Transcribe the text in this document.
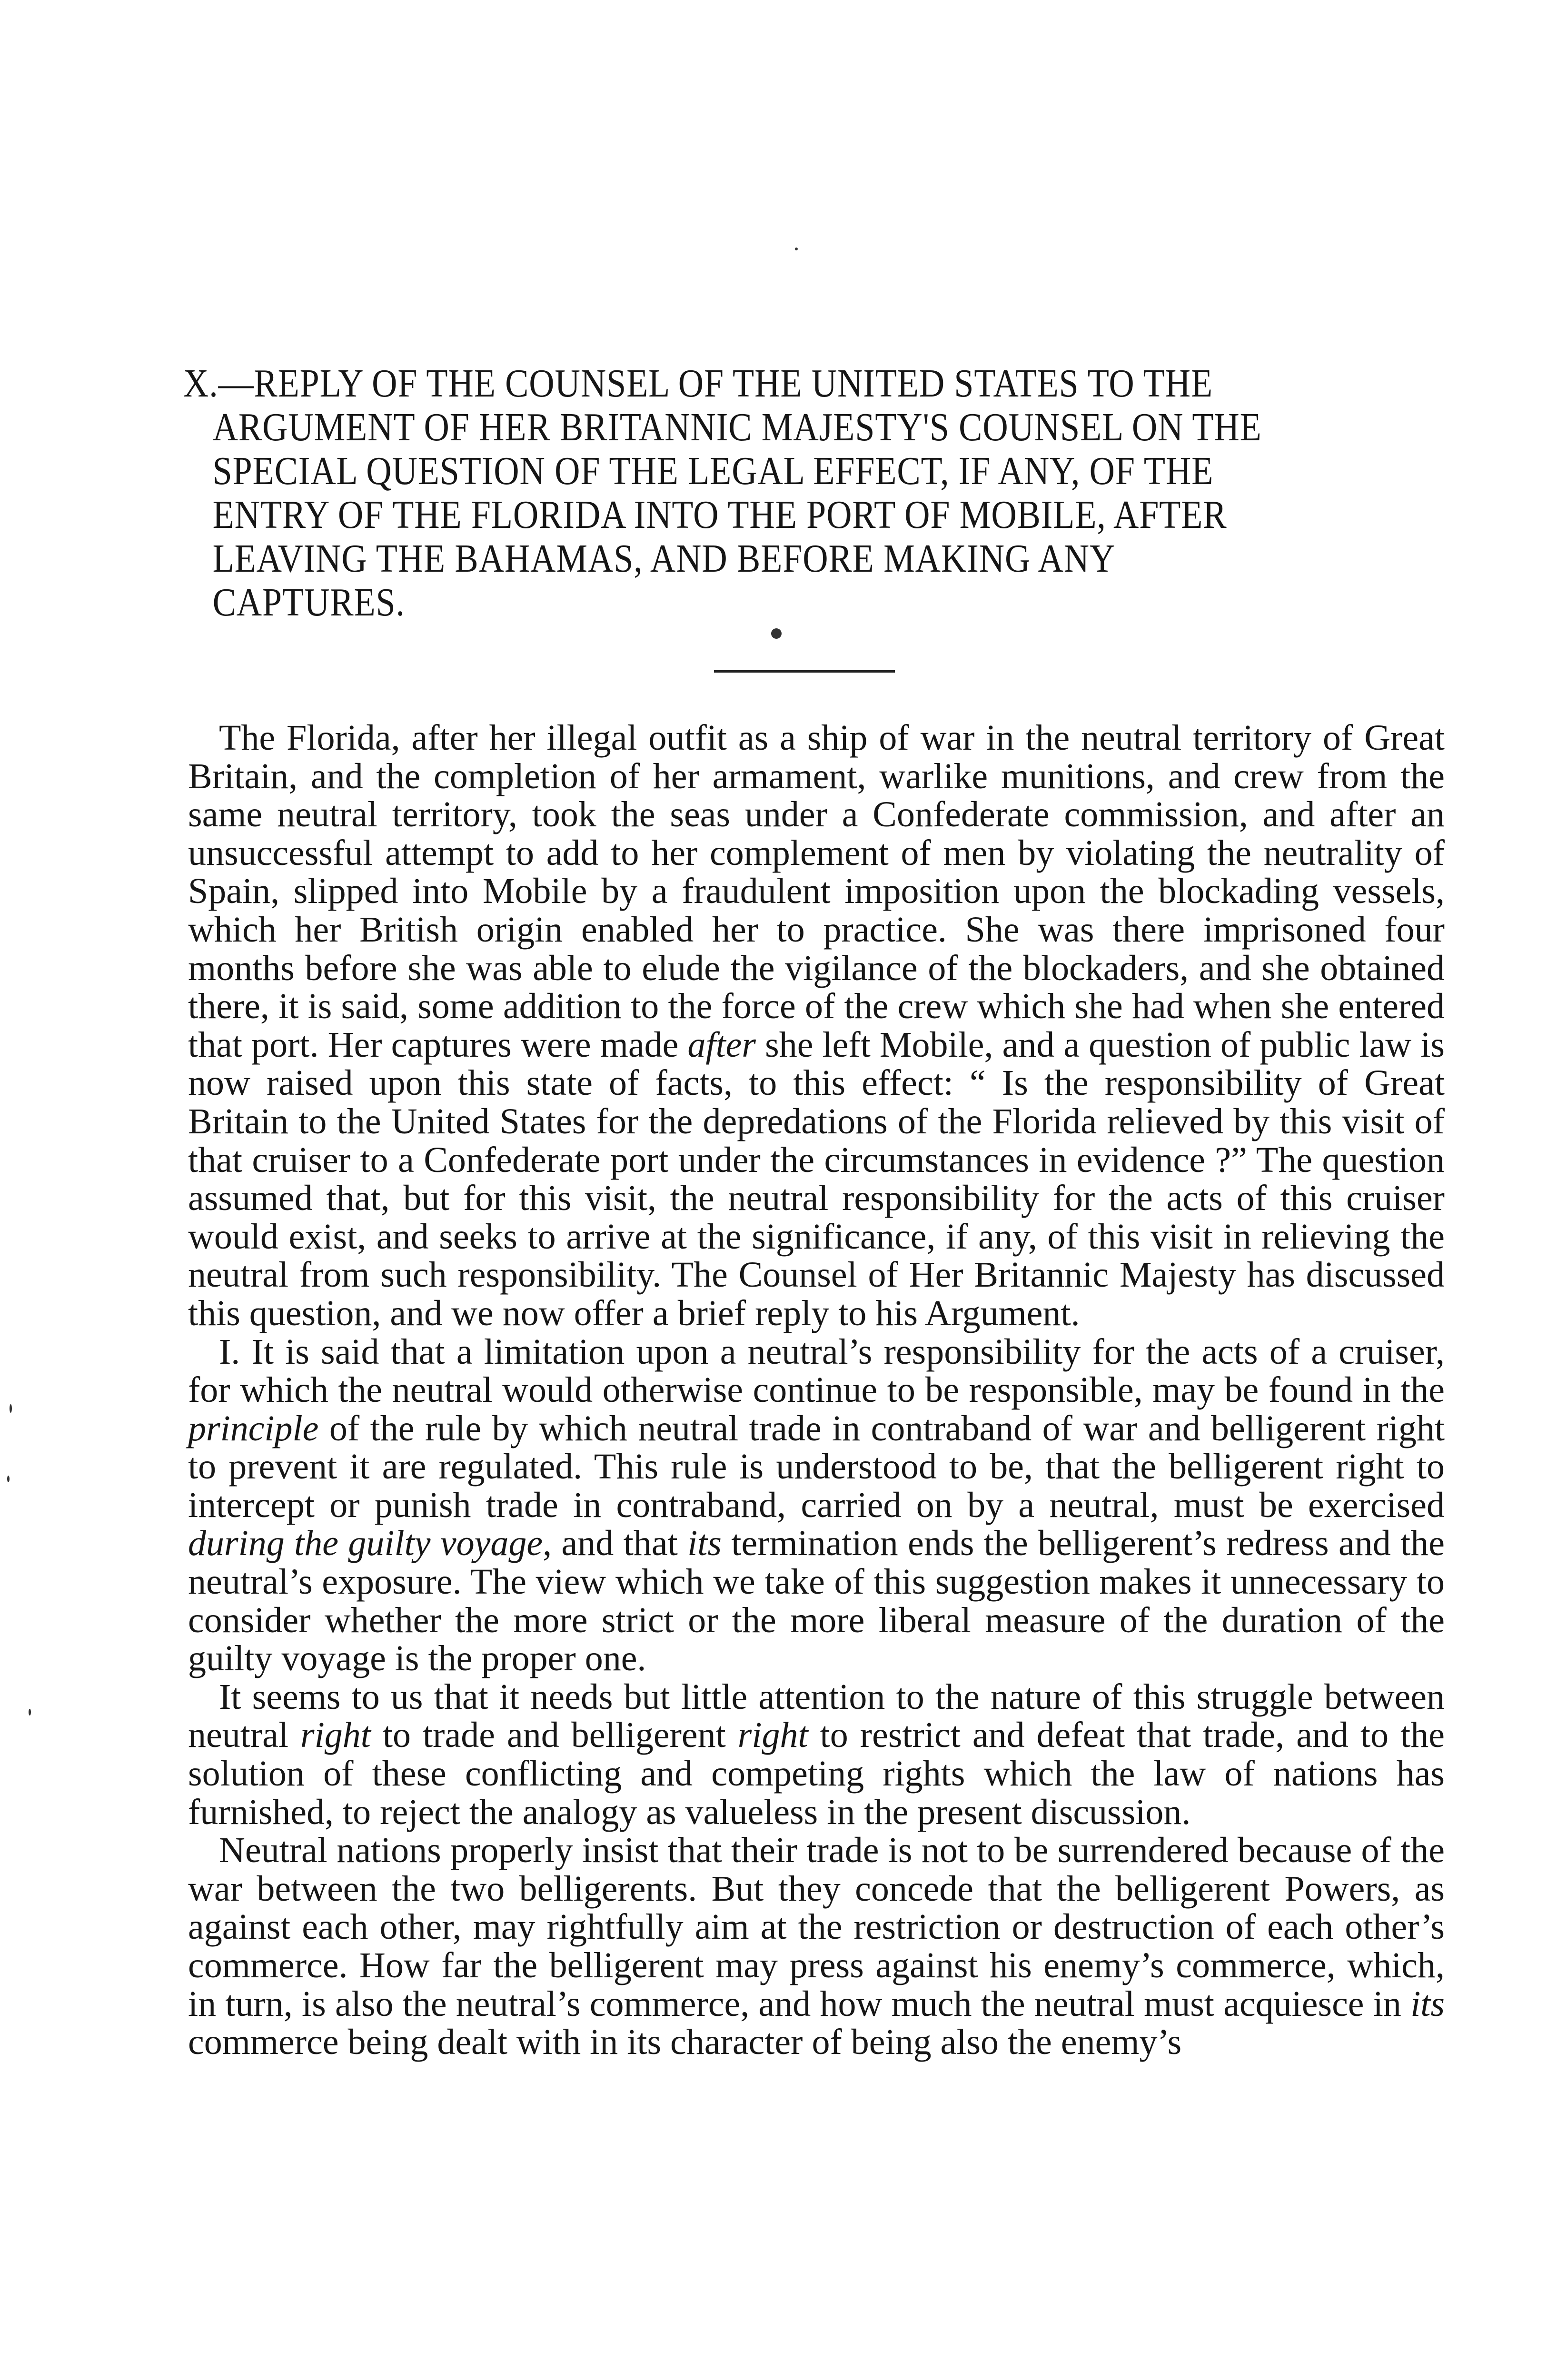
X.—REPLY OF THE COUNSEL OF THE UNITED STATES TO THE ARGUMENT OF HER BRITANNIC MAJESTY'S COUNSEL ON THE SPECIAL QUESTION OF THE LEGAL EFFECT, IF ANY, OF THE ENTRY OF THE FLORIDA INTO THE PORT OF MOBILE, AFTER LEAVING THE BAHAMAS, AND BEFORE MAKING ANY CAPTURES.

The Florida, after her illegal outfit as a ship of war in the neutral territory of Great Britain, and the completion of her armament, warlike munitions, and crew from the same neutral territory, took the seas under a Confederate commission, and after an unsuccessful attempt to add to her complement of men by violating the neutrality of Spain, slipped into Mobile by a fraudulent imposition upon the blockading vessels, which her British origin enabled her to practice. She was there imprisoned four months before she was able to elude the vigilance of the blockaders, and she obtained there, it is said, some addition to the force of the crew which she had when she entered that port. Her captures were made after she left Mobile, and a question of public law is now raised upon this state of facts, to this effect: “ Is the responsibility of Great Britain to the United States for the depredations of the Florida relieved by this visit of that cruiser to a Confederate port under the circumstances in evidence ?” The question assumed that, but for this visit, the neutral responsibility for the acts of this cruiser would exist, and seeks to arrive at the significance, if any, of this visit in relieving the neutral from such responsibility. The Counsel of Her Britannic Majesty has discussed this question, and we now offer a brief reply to his Argument.

I. It is said that a limitation upon a neutral’s responsibility for the acts of a cruiser, for which the neutral would otherwise continue to be responsible, may be found in the principle of the rule by which neutral trade in contraband of war and belligerent right to prevent it are regulated. This rule is understood to be, that the belligerent right to intercept or punish trade in contraband, carried on by a neutral, must be exercised during the guilty voyage, and that its termination ends the belligerent’s redress and the neutral’s exposure. The view which we take of this suggestion makes it unnecessary to consider whether the more strict or the more liberal measure of the duration of the guilty voyage is the proper one.

It seems to us that it needs but little attention to the nature of this struggle between neutral right to trade and belligerent right to restrict and defeat that trade, and to the solution of these conflicting and competing rights which the law of nations has furnished, to reject the analogy as valueless in the present discussion.

Neutral nations properly insist that their trade is not to be surrendered because of the war between the two belligerents. But they concede that the belligerent Powers, as against each other, may rightfully aim at the restriction or destruction of each other’s commerce. How far the belligerent may press against his enemy’s commerce, which, in turn, is also the neutral’s commerce, and how much the neutral must acquiesce in its commerce being dealt with in its character of being also the enemy’s
